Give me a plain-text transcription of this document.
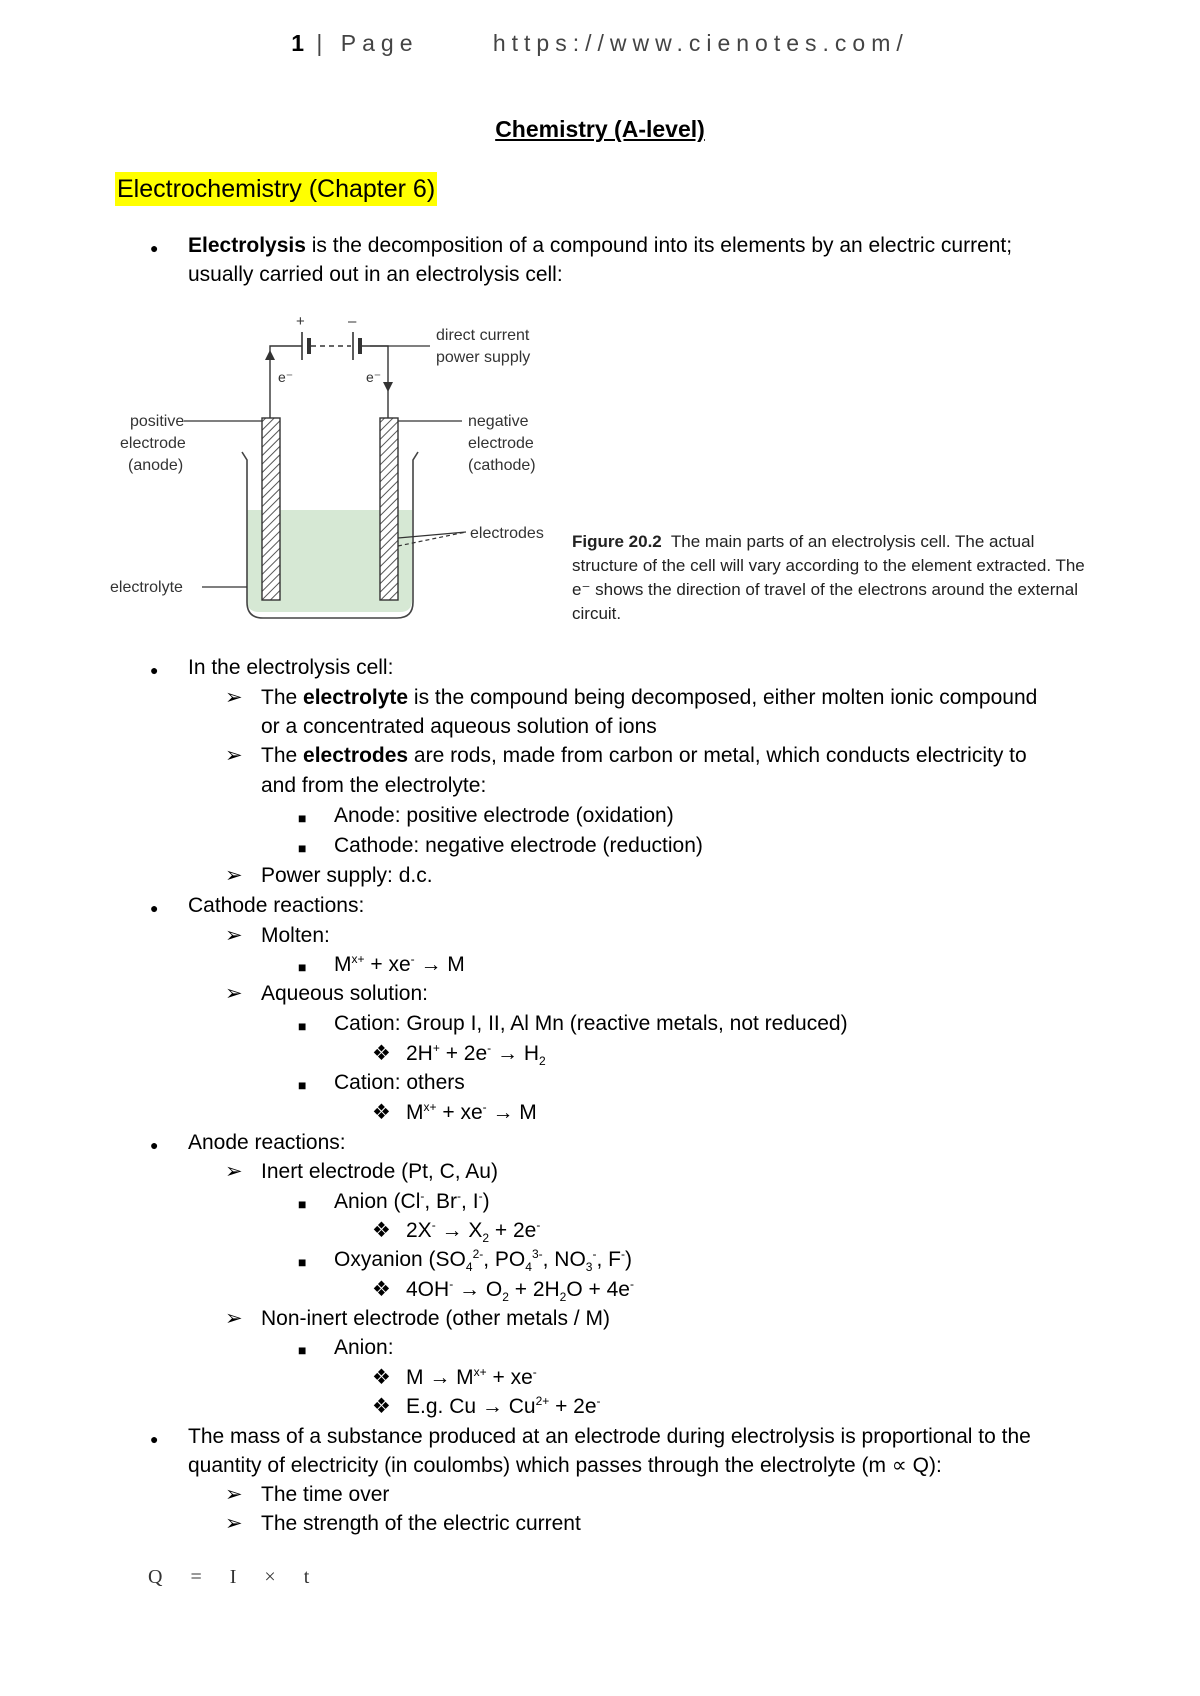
1 | Page	https://www.cienotes.com/
Chemistry (A-level)
Electrochemistry (Chapter 6)
+	–
direct current
power supply
e⁻	e⁻
positive
electrode
(anode)
negative
electrode
(cathode)
electrodes
electrolyte
Figure 20.2 The main parts of an electrolysis cell. The actual structure of the cell will vary according to the element extracted. The e⁻ shows the direction of travel of the electrons around the external circuit.
● Electrolysis is the decomposition of a compound into its elements by an electric current;
usually carried out in an electrolysis cell:
● In the electrolysis cell:
➢ The electrolyte is the compound being decomposed, either molten ionic compound
or a concentrated aqueous solution of ions
➢ The electrodes are rods, made from carbon or metal, which conducts electricity to
and from the electrolyte:
■ Anode: positive electrode (oxidation)
■ Cathode: negative electrode (reduction)
➢ Power supply: d.c.
● Cathode reactions:
➢ Molten:
■ $M^{x+} + xe^- \to M$
➢ Aqueous solution:
■ Cation: Group I, II, Al Mn (reactive metals, not reduced)
❖ $2H^+ + 2e^- \to H_2$
■ Cation: others
❖ $M^{x+} + xe^- \to M$
● Anode reactions:
➢ Inert electrode (Pt, C, Au)
■ Anion (Cl-, Br-, I-)
❖ $2X^- \to X_2 + 2e^-$
■ Oxyanion ($SO_4^{2-}$, $PO_4^{3-}$, $NO_3^-$, F-)
❖ $4OH^- \to O_2 + 2H_2O + 4e^-$
➢ Non-inert electrode (other metals / M)
■ Anion:
❖ $M \to M^{x+} + xe^-$
❖ E.g. $Cu \to Cu^{2+} + 2e^-$
● The mass of a substance produced at an electrode during electrolysis is proportional to the
quantity of electricity (in coulombs) which passes through the electrolyte (m ∝ Q):
➢ The time over
➢ The strength of the electric current
Q = I × t
